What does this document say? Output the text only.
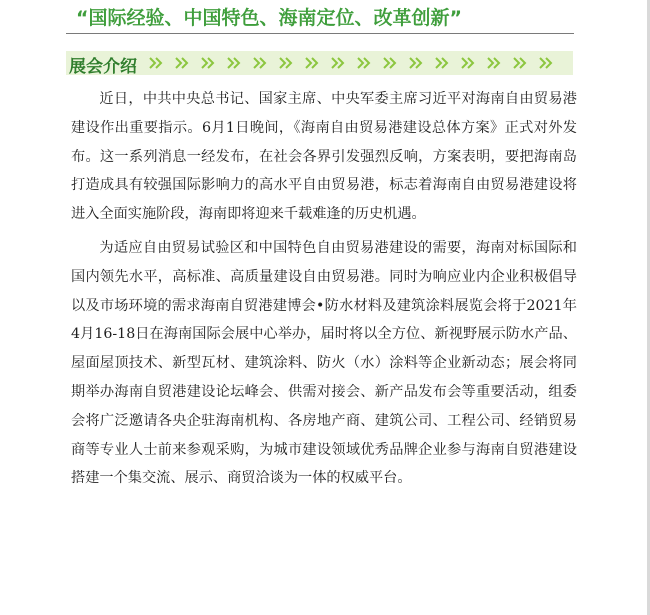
“国际经验、中国特色、海南定位、改革创新”
展会介绍

近日，中共中央总书记、国家主席、中央军委主席习近平对海南自由贸易港建设作出重要指示。6月1日晚间，《海南自由贸易港建设总体方案》正式对外发布。这一系列消息一经发布，在社会各界引发强烈反响，方案表明，要把海南岛打造成具有较强国际影响力的高水平自由贸易港，标志着海南自由贸易港建设将进入全面实施阶段，海南即将迎来千载难逢的历史机遇。

为适应自由贸易试验区和中国特色自由贸易港建设的需要，海南对标国际和国内领先水平，高标准、高质量建设自由贸易港。同时为响应业内企业积极倡导以及市场环境的需求海南自贸港建博会•防水材料及建筑涂料展览会将于2021年4月16-18日在海南国际会展中心举办，届时将以全方位、新视野展示防水产品、屋面屋顶技术、新型瓦材、建筑涂料、防火（水）涂料等企业新动态；展会将同期举办海南自贸港建设论坛峰会、供需对接会、新产品发布会等重要活动，组委会将广泛邀请各央企驻海南机构、各房地产商、建筑公司、工程公司、经销贸易商等专业人士前来参观采购，为城市建设领域优秀品牌企业参与海南自贸港建设搭建一个集交流、展示、商贸洽谈为一体的权威平台。
